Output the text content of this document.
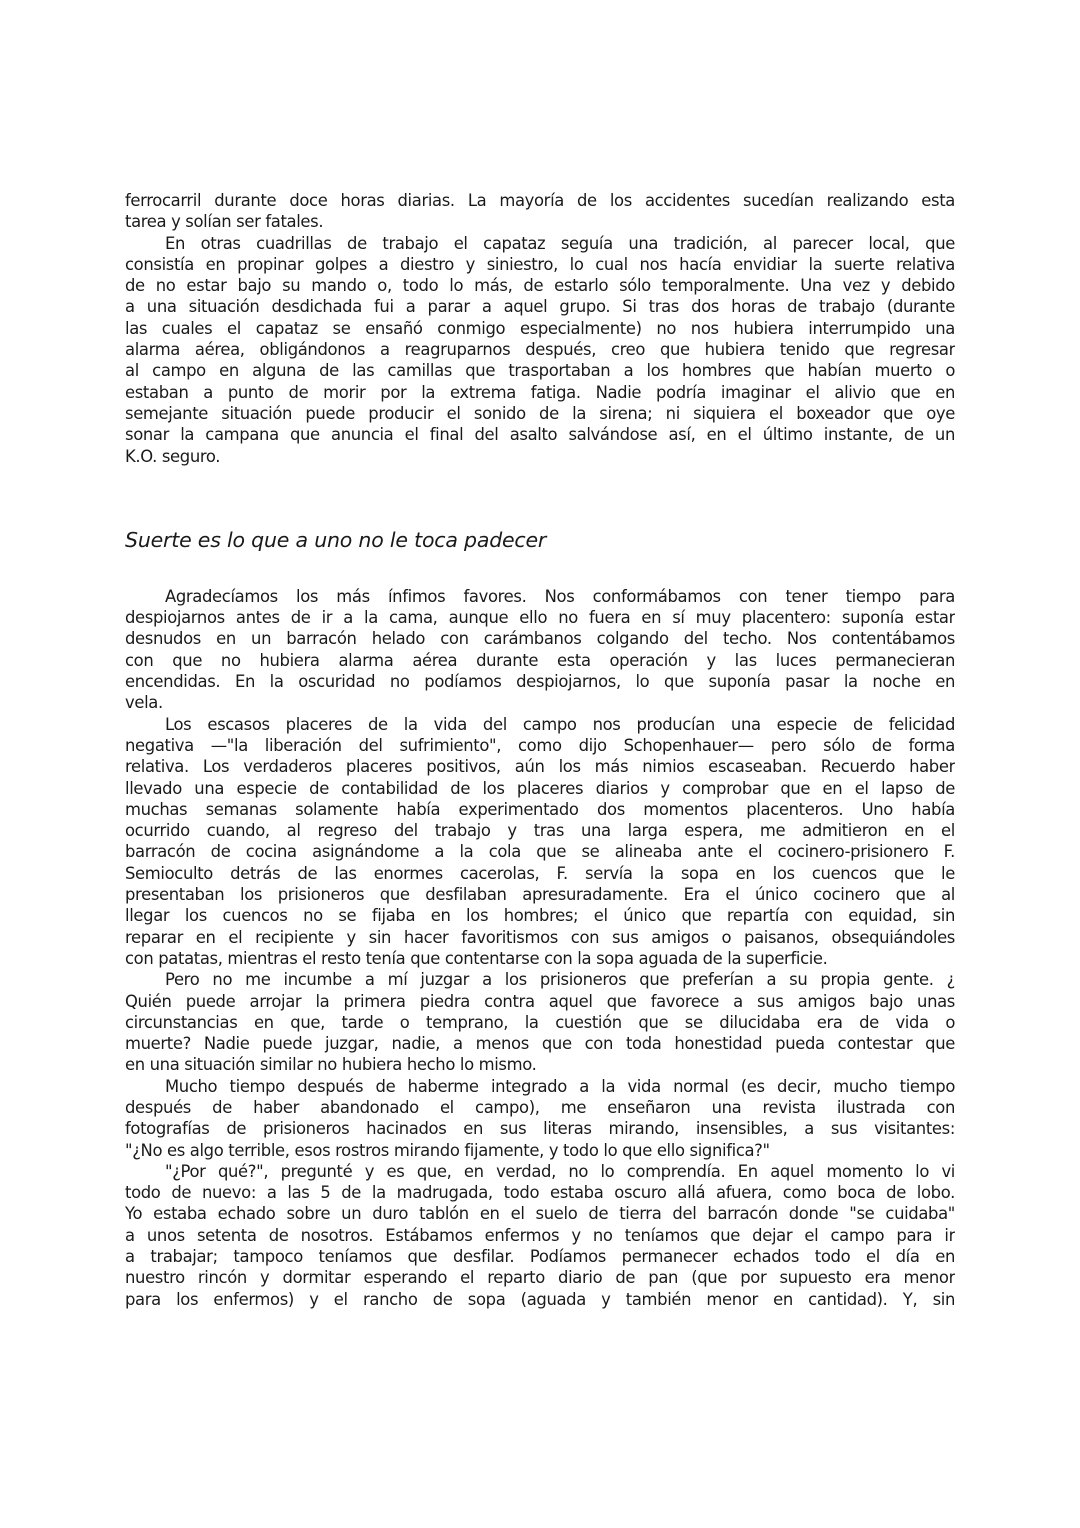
ferrocarril durante doce horas diarias. La mayoría de los accidentes sucedían realizando esta
tarea y solían ser fatales.
En otras cuadrillas de trabajo el capataz seguía una tradición, al parecer local, que
consistía en propinar golpes a diestro y siniestro, lo cual nos hacía envidiar la suerte relativa
de no estar bajo su mando o, todo lo más, de estarlo sólo temporalmente. Una vez y debido
a una situación desdichada fui a parar a aquel grupo. Si tras dos horas de trabajo (durante
las cuales el capataz se ensañó conmigo especialmente) no nos hubiera interrumpido una
alarma aérea, obligándonos a reagruparnos después, creo que hubiera tenido que regresar
al campo en alguna de las camillas que trasportaban a los hombres que habían muerto o
estaban a punto de morir por la extrema fatiga. Nadie podría imaginar el alivio que en
semejante situación puede producir el sonido de la sirena; ni siquiera el boxeador que oye
sonar la campana que anuncia el final del asalto salvándose así, en el último instante, de un
K.O. seguro.
Suerte es lo que a uno no le toca padecer
Agradecíamos los más ínfimos favores. Nos conformábamos con tener tiempo para
despiojarnos antes de ir a la cama, aunque ello no fuera en sí muy placentero: suponía estar
desnudos en un barracón helado con carámbanos colgando del techo. Nos contentábamos
con que no hubiera alarma aérea durante esta operación y las luces permanecieran
encendidas. En la oscuridad no podíamos despiojarnos, lo que suponía pasar la noche en
vela.
Los escasos placeres de la vida del campo nos producían una especie de felicidad
negativa —"la liberación del sufrimiento", como dijo Schopenhauer— pero sólo de forma
relativa. Los verdaderos placeres positivos, aún los más nimios escaseaban. Recuerdo haber
llevado una especie de contabilidad de los placeres diarios y comprobar que en el lapso de
muchas semanas solamente había experimentado dos momentos placenteros. Uno había
ocurrido cuando, al regreso del trabajo y tras una larga espera, me admitieron en el
barracón de cocina asignándome a la cola que se alineaba ante el cocinero-prisionero F.
Semioculto detrás de las enormes cacerolas, F. servía la sopa en los cuencos que le
presentaban los prisioneros que desfilaban apresuradamente. Era el único cocinero que al
llegar los cuencos no se fijaba en los hombres; el único que repartía con equidad, sin
reparar en el recipiente y sin hacer favoritismos con sus amigos o paisanos, obsequiándoles
con patatas, mientras el resto tenía que contentarse con la sopa aguada de la superficie.
Pero no me incumbe a mí juzgar a los prisioneros que preferían a su propia gente. ¿
Quién puede arrojar la primera piedra contra aquel que favorece a sus amigos bajo unas
circunstancias en que, tarde o temprano, la cuestión que se dilucidaba era de vida o
muerte? Nadie puede juzgar, nadie, a menos que con toda honestidad pueda contestar que
en una situación similar no hubiera hecho lo mismo.
Mucho tiempo después de haberme integrado a la vida normal (es decir, mucho tiempo
después de haber abandonado el campo), me enseñaron una revista ilustrada con
fotografías de prisioneros hacinados en sus literas mirando, insensibles, a sus visitantes:
"¿No es algo terrible, esos rostros mirando fijamente, y todo lo que ello significa?"
"¿Por qué?", pregunté y es que, en verdad, no lo comprendía. En aquel momento lo vi
todo de nuevo: a las 5 de la madrugada, todo estaba oscuro allá afuera, como boca de lobo.
Yo estaba echado sobre un duro tablón en el suelo de tierra del barracón donde "se cuidaba"
a unos setenta de nosotros. Estábamos enfermos y no teníamos que dejar el campo para ir
a trabajar; tampoco teníamos que desfilar. Podíamos permanecer echados todo el día en
nuestro rincón y dormitar esperando el reparto diario de pan (que por supuesto era menor
para los enfermos) y el rancho de sopa (aguada y también menor en cantidad). Y, sin
